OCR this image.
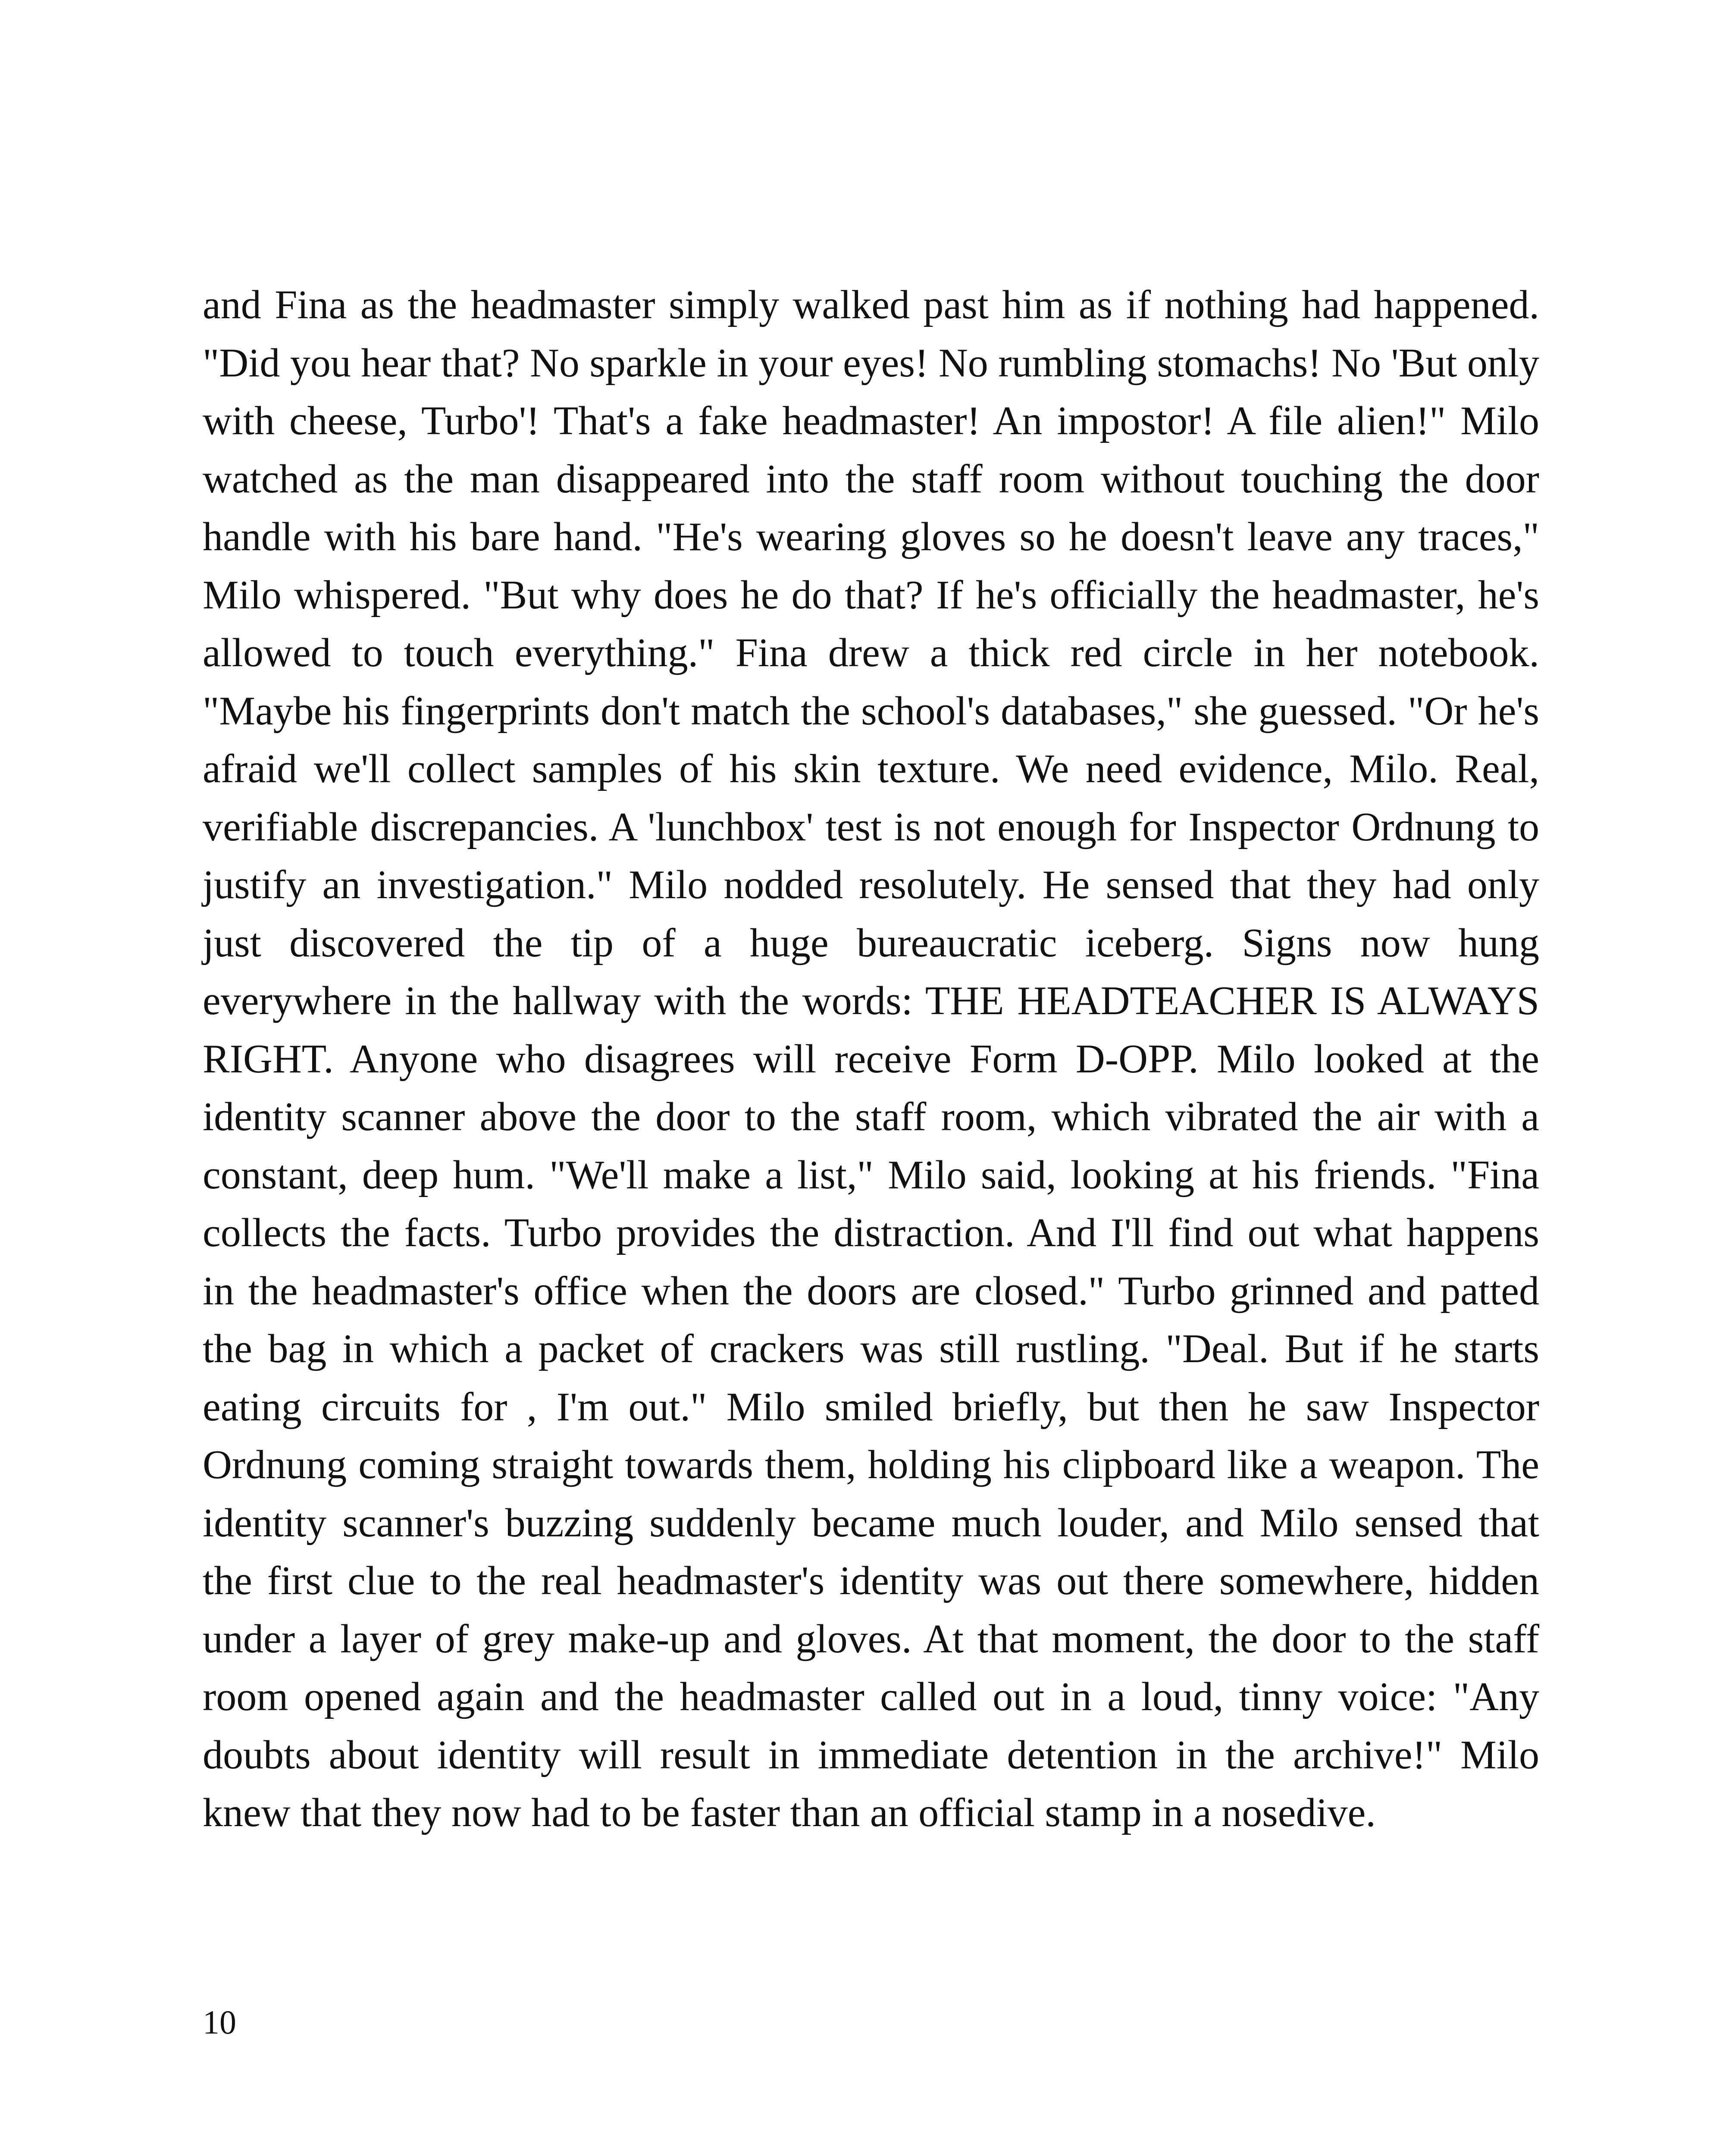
and Fina as the headmaster simply walked past him as if nothing had happened.
"Did you hear that? No sparkle in your eyes! No rumbling stomachs! No 'But only
with cheese, Turbo'! That's a fake headmaster! An impostor! A file alien!" Milo
watched as the man disappeared into the staff room without touching the door
handle with his bare hand. "He's wearing gloves so he doesn't leave any traces,"
Milo whispered. "But why does he do that? If he's officially the headmaster, he's
allowed to touch everything." Fina drew a thick red circle in her notebook.
"Maybe his fingerprints don't match the school's databases," she guessed. "Or he's
afraid we'll collect samples of his skin texture. We need evidence, Milo. Real,
verifiable discrepancies. A 'lunchbox' test is not enough for Inspector Ordnung to
justify an investigation." Milo nodded resolutely. He sensed that they had only
just discovered the tip of a huge bureaucratic iceberg. Signs now hung
everywhere in the hallway with the words: THE HEADTEACHER IS ALWAYS
RIGHT. Anyone who disagrees will receive Form D-OPP. Milo looked at the
identity scanner above the door to the staff room, which vibrated the air with a
constant, deep hum. "We'll make a list," Milo said, looking at his friends. "Fina
collects the facts. Turbo provides the distraction. And I'll find out what happens
in the headmaster's office when the doors are closed." Turbo grinned and patted
the bag in which a packet of crackers was still rustling. "Deal. But if he starts
eating circuits for , I'm out." Milo smiled briefly, but then he saw Inspector
Ordnung coming straight towards them, holding his clipboard like a weapon. The
identity scanner's buzzing suddenly became much louder, and Milo sensed that
the first clue to the real headmaster's identity was out there somewhere, hidden
under a layer of grey make-up and gloves. At that moment, the door to the staff
room opened again and the headmaster called out in a loud, tinny voice: "Any
doubts about identity will result in immediate detention in the archive!" Milo
knew that they now had to be faster than an official stamp in a nosedive.
10
